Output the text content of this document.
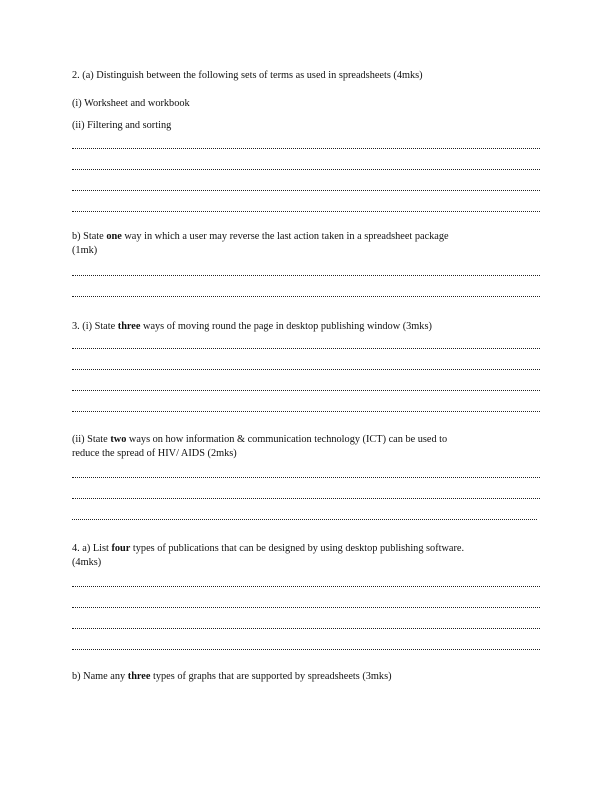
2. (a) Distinguish between the following sets of terms as used in spreadsheets (4mks)
(i) Worksheet and workbook
(ii) Filtering and sorting
b) State one way in which a user may reverse the last action taken in a spreadsheet package
(1mk)
3. (i) State three ways of moving round the page in desktop publishing window (3mks)
(ii) State two ways on how information & communication technology (ICT) can be used to
reduce the spread of HIV/ AIDS (2mks)
4. a) List four types of publications that can be designed by using desktop publishing software.
(4mks)
b) Name any three types of graphs that are supported by spreadsheets (3mks)
